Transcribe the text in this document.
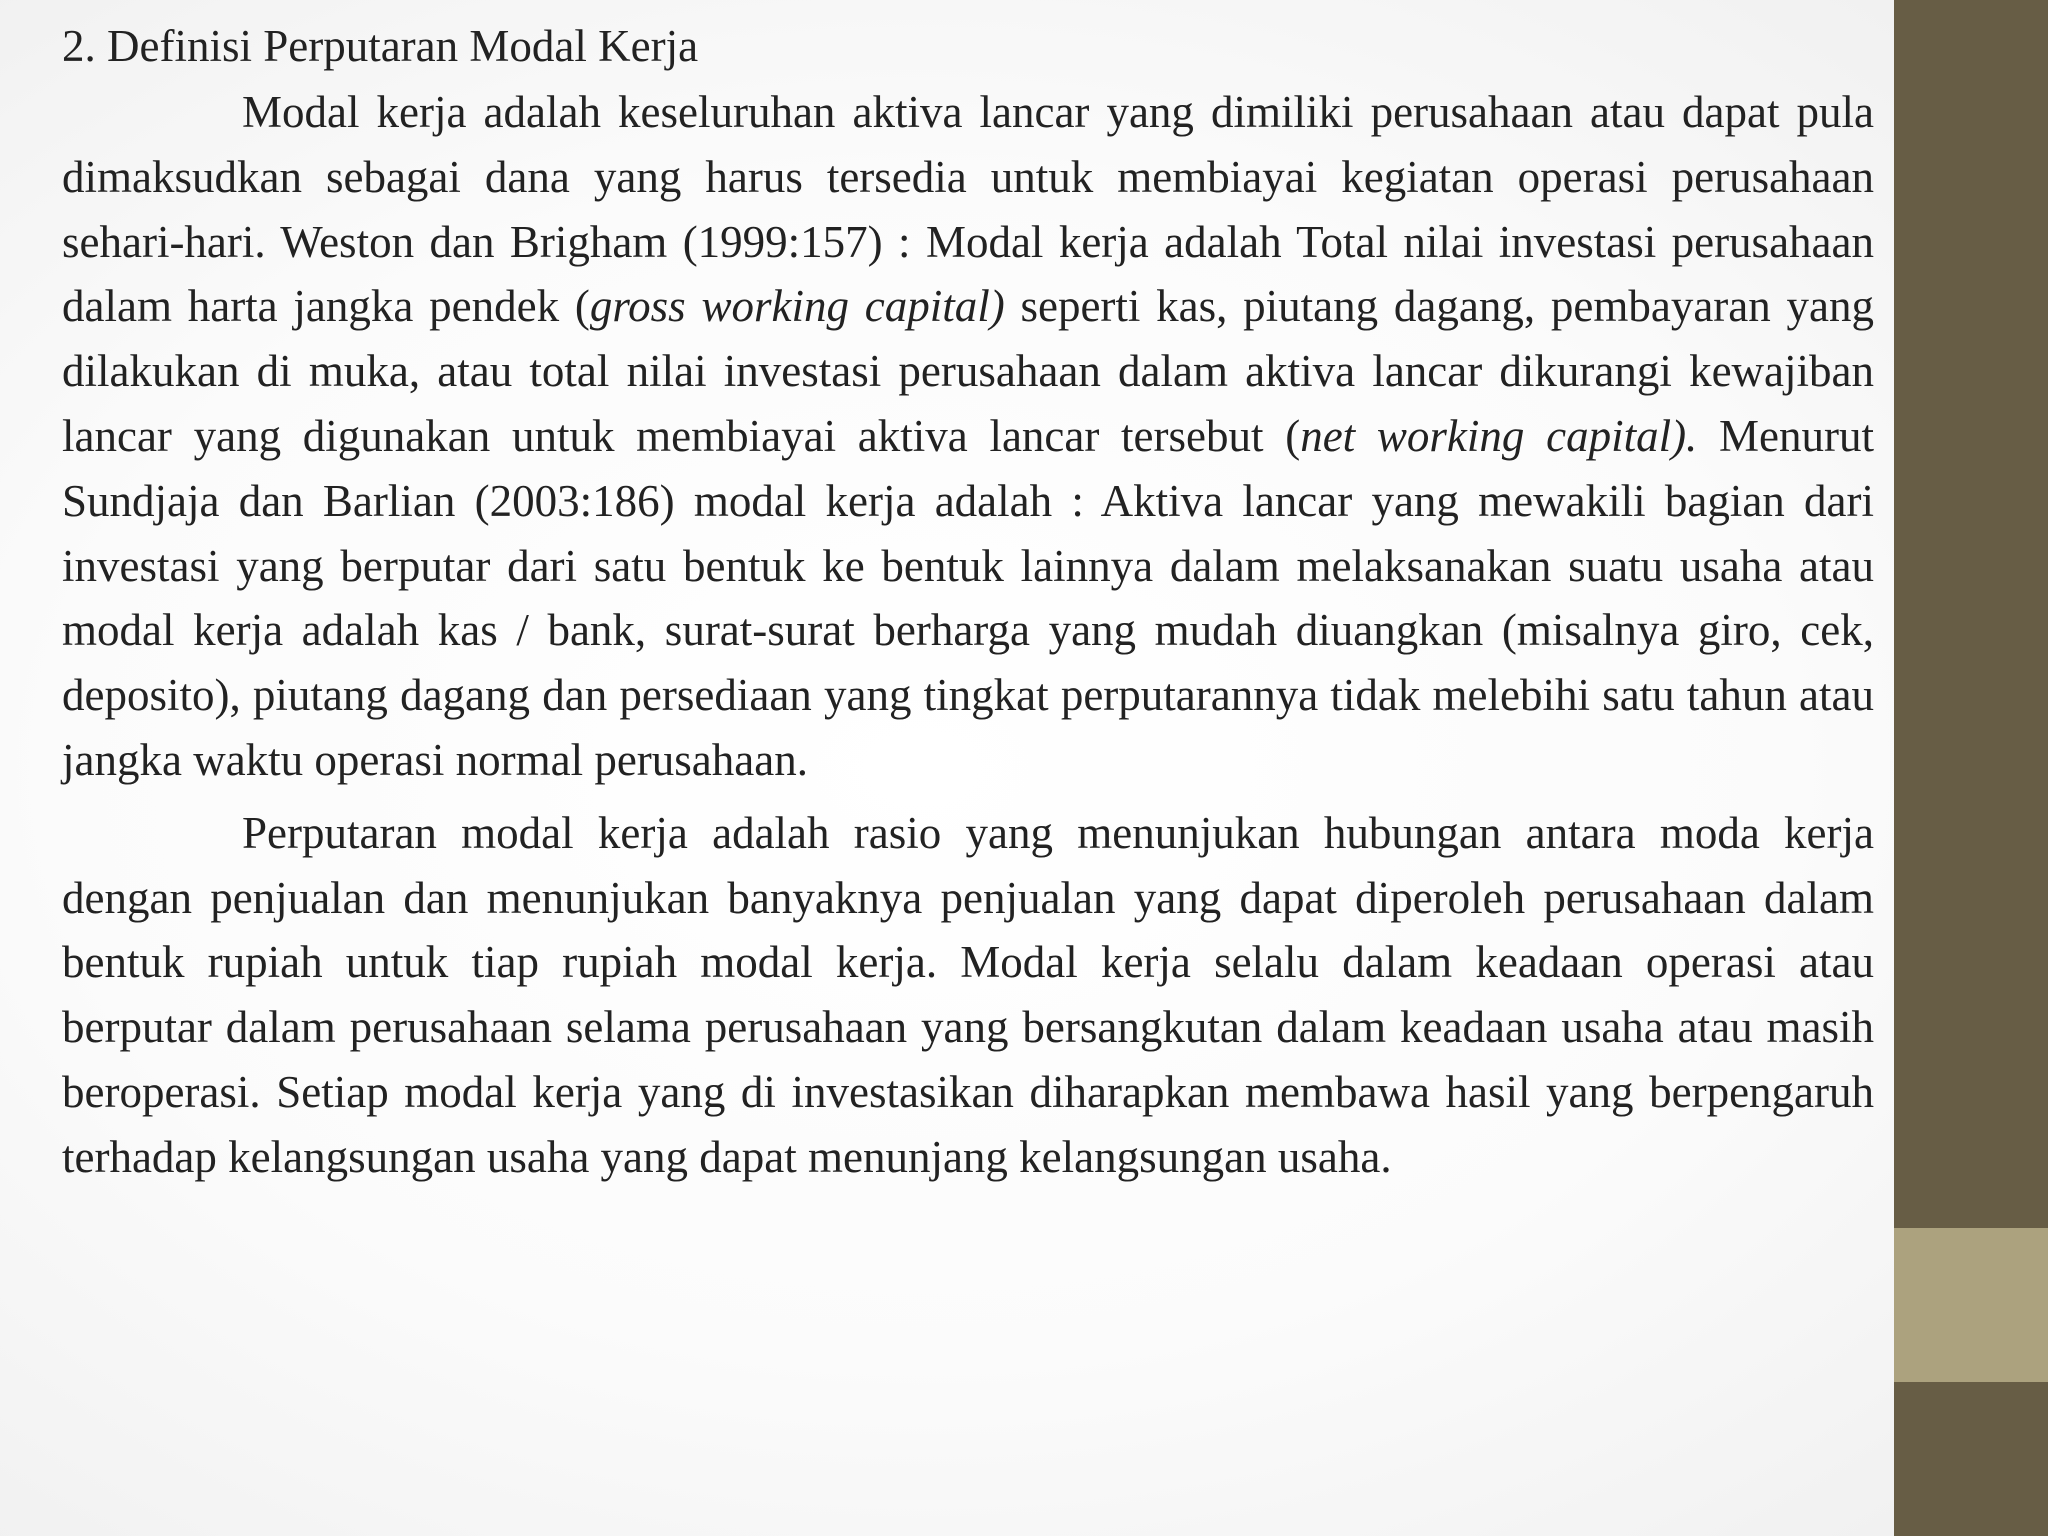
2. Definisi Perputaran Modal Kerja

Modal kerja adalah keseluruhan aktiva lancar yang dimiliki perusahaan atau dapat pula dimaksudkan sebagai dana yang harus tersedia untuk membiayai kegiatan operasi perusahaan sehari-hari. Weston dan Brigham (1999:157) : Modal kerja adalah Total nilai investasi perusahaan dalam harta jangka pendek (gross working capital) seperti kas, piutang dagang, pembayaran yang dilakukan di muka, atau total nilai investasi perusahaan dalam aktiva lancar dikurangi kewajiban lancar yang digunakan untuk membiayai aktiva lancar tersebut (net working capital). Menurut Sundjaja dan Barlian (2003:186) modal kerja adalah : Aktiva lancar yang mewakili bagian dari investasi yang berputar dari satu bentuk ke bentuk lainnya dalam melaksanakan suatu usaha atau modal kerja adalah kas / bank, surat-surat berharga yang mudah diuangkan (misalnya giro, cek, deposito), piutang dagang dan persediaan yang tingkat perputarannya tidak melebihi satu tahun atau jangka waktu operasi normal perusahaan.

Perputaran modal kerja adalah rasio yang menunjukan hubungan antara moda kerja dengan penjualan dan menunjukan banyaknya penjualan yang dapat diperoleh perusahaan dalam bentuk rupiah untuk tiap rupiah modal kerja. Modal kerja selalu dalam keadaan operasi atau berputar dalam perusahaan selama perusahaan yang bersangkutan dalam keadaan usaha atau masih beroperasi. Setiap modal kerja yang di investasikan diharapkan membawa hasil yang berpengaruh terhadap kelangsungan usaha yang dapat menunjang kelangsungan usaha.
